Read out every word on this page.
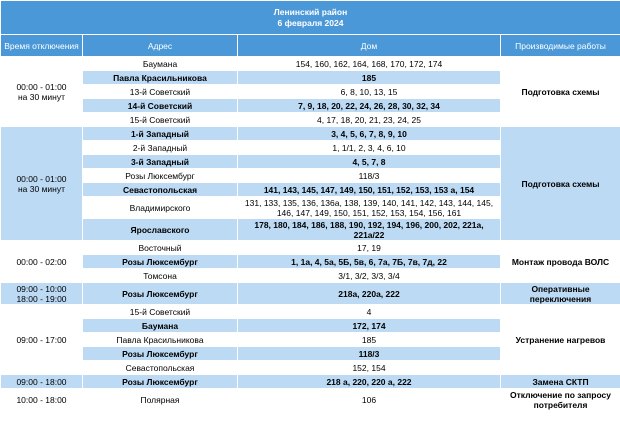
Ленинский район
6 февраля 2024			

Время отключения	Адрес	Дом	Производимые работы

00:00 - 01:00
на 30 минут	Баумана	154, 160, 162, 164, 168, 170, 172, 174	Подготовка схемы
	Павла Красильникова	185	
	13-й Советский	6, 8, 10, 13, 15	
	14-й Советский	7, 9, 18, 20, 22, 24, 26, 28, 30, 32, 34	
	15-й Советский	4, 17, 18, 20, 21, 23, 24, 25	

00:00 - 01:00
на 30 минут	1-й Западный	3, 4, 5, 6, 7, 8, 9, 10	Подготовка схемы
	2-й Западный	1, 1/1, 2, 3, 4, 6, 10	
	3-й Западный	4, 5, 7, 8	
	Розы Люксембург	118/3	
	Севастопольская	141, 143, 145, 147, 149, 150, 151, 152, 153, 153 а, 154	
	Владимирского	131, 133, 135, 136, 136а, 138, 139, 140, 141, 142, 143, 144, 145, 146, 147, 149, 150, 151, 152, 153, 154, 156, 161	
	Ярославского	178, 180, 184, 186, 188, 190, 192, 194, 196, 200, 202, 221а, 221а/22	

00:00 - 02:00	Восточный	17, 19	Монтаж провода ВОЛС
	Розы Люксембург	1, 1а, 4, 5а, 5Б, 5в, 6, 7а, 7Б, 7в, 7д, 22	
	Томсона	3/1, 3/2, 3/3, 3/4	

09:00 - 10:00
18:00 - 19:00	Розы Люксембург	218а, 220а, 222	Оперативные переключения

09:00 - 17:00	15-й Советский	4	Устранение нагревов
	Баумана	172, 174	
	Павла Красильникова	185	
	Розы Люксембург	118/3	
	Севастопольская	152, 154	

09:00 - 18:00	Розы Люксембург	218 а, 220, 220 а, 222	Замена СКТП

10:00 - 18:00	Полярная	106	Отключение по запросу потребителя
